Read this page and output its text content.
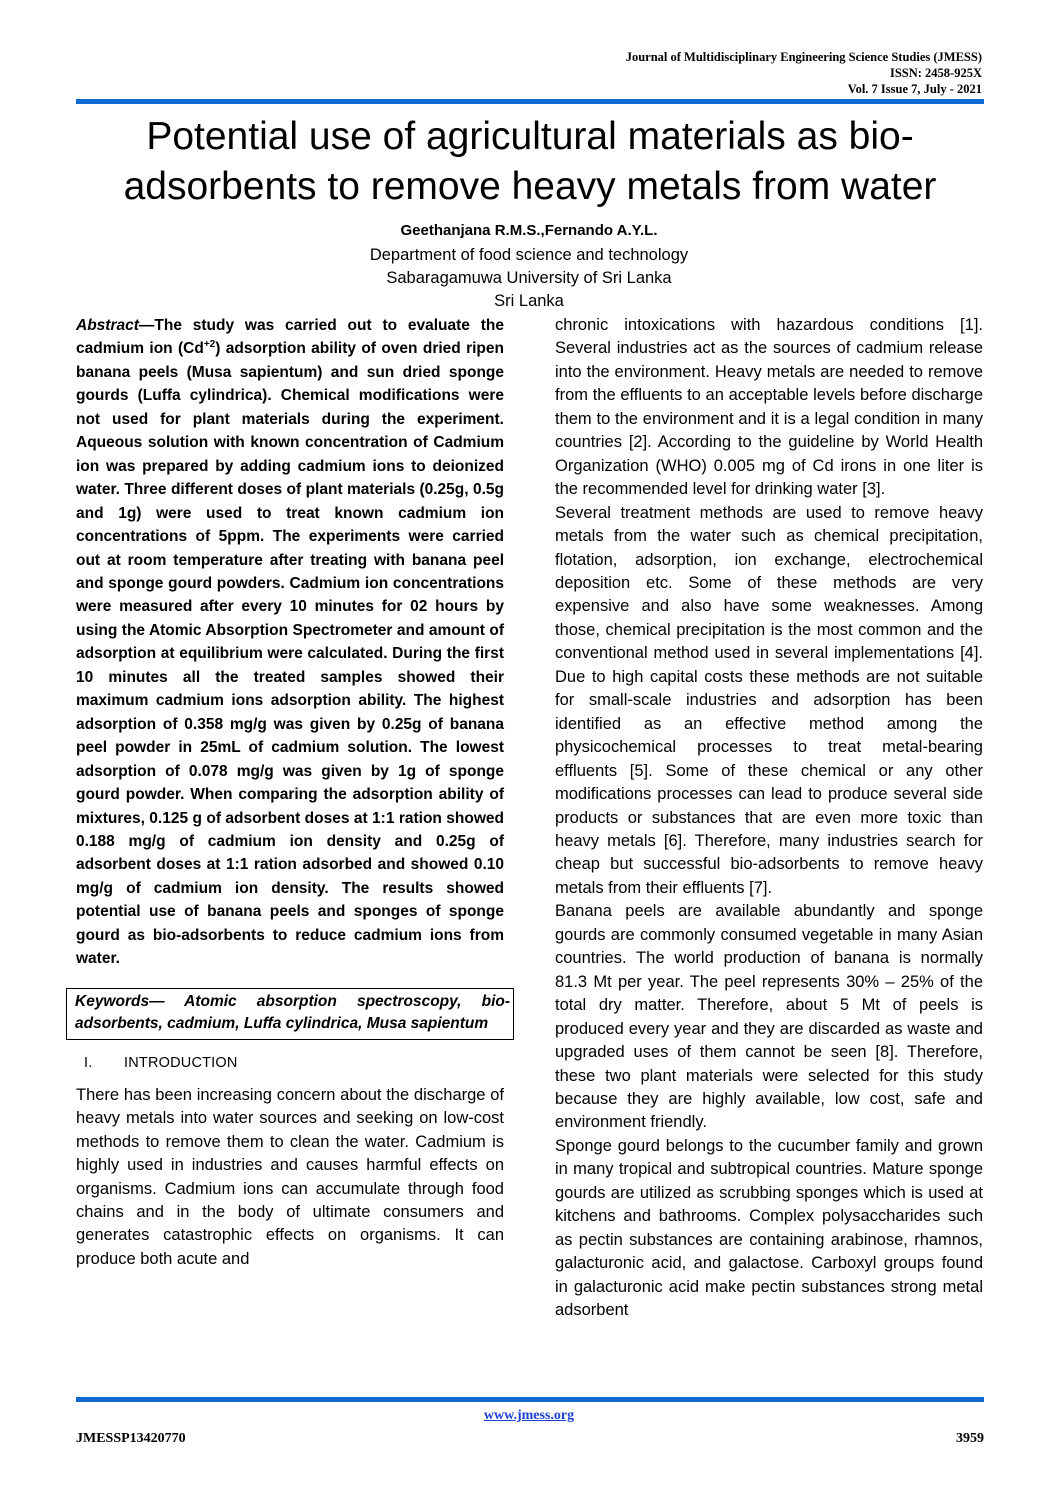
Journal of Multidisciplinary Engineering Science Studies (JMESS)
ISSN: 2458-925X
Vol. 7 Issue 7, July - 2021
Potential use of agricultural materials as bio-adsorbents to remove heavy metals from water
Geethanjana R.M.S.,Fernando A.Y.L.
Department of food science and technology
Sabaragamuwa University of Sri Lanka
Sri Lanka

Abstract—The study was carried out to evaluate the cadmium ion $(Cd^{+2})$ adsorption ability of oven dried ripen banana peels (Musa sapientum) and sun dried sponge gourds (Luffa cylindrica). Chemical modifications were not used for plant materials during the experiment. Aqueous solution with known concentration of Cadmium ion was prepared by adding cadmium ions to deionized water. Three different doses of plant materials (0.25g, 0.5g and 1g) were used to treat known cadmium ion concentrations of 5ppm. The experiments were carried out at room temperature after treating with banana peel and sponge gourd powders. Cadmium ion concentrations were measured after every 10 minutes for 02 hours by using the Atomic Absorption Spectrometer and amount of adsorption at equilibrium were calculated. During the first 10 minutes all the treated samples showed their maximum cadmium ions adsorption ability. The highest adsorption of 0.358 mg/g was given by 0.25g of banana peel powder in 25mL of cadmium solution. The lowest adsorption of 0.078 mg/g was given by 1g of sponge gourd powder. When comparing the adsorption ability of mixtures, 0.125 g of adsorbent doses at 1:1 ration showed 0.188 mg/g of cadmium ion density and 0.25g of adsorbent doses at 1:1 ration adsorbed and showed 0.10 mg/g of cadmium ion density. The results showed potential use of banana peels and sponges of sponge gourd as bio-adsorbents to reduce cadmium ions from water.

Keywords— Atomic absorption spectroscopy, bio-adsorbents, cadmium, Luffa cylindrica, Musa sapientum
I. INTRODUCTION
There has been increasing concern about the discharge of heavy metals into water sources and seeking on low-cost methods to remove them to clean the water. Cadmium is highly used in industries and causes harmful effects on organisms. Cadmium ions can accumulate through food chains and in the body of ultimate consumers and generates catastrophic effects on organisms. It can produce both acute and

chronic intoxications with hazardous conditions [1]. Several industries act as the sources of cadmium release into the environment. Heavy metals are needed to remove from the effluents to an acceptable levels before discharge them to the environment and it is a legal condition in many countries [2]. According to the guideline by World Health Organization (WHO) 0.005 mg of Cd irons in one liter is the recommended level for drinking water [3].

Several treatment methods are used to remove heavy metals from the water such as chemical precipitation, flotation, adsorption, ion exchange, electrochemical deposition etc. Some of these methods are very expensive and also have some weaknesses. Among those, chemical precipitation is the most common and the conventional method used in several implementations [4]. Due to high capital costs these methods are not suitable for small-scale industries and adsorption has been identified as an effective method among the physicochemical processes to treat metal-bearing effluents [5]. Some of these chemical or any other modifications processes can lead to produce several side products or substances that are even more toxic than heavy metals [6]. Therefore, many industries search for cheap but successful bio-adsorbents to remove heavy metals from their effluents [7].

Banana peels are available abundantly and sponge gourds are commonly consumed vegetable in many Asian countries. The world production of banana is normally 81.3 Mt per year. The peel represents 30% – 25% of the total dry matter. Therefore, about 5 Mt of peels is produced every year and they are discarded as waste and upgraded uses of them cannot be seen [8]. Therefore, these two plant materials were selected for this study because they are highly available, low cost, safe and environment friendly.

Sponge gourd belongs to the cucumber family and grown in many tropical and subtropical countries. Mature sponge gourds are utilized as scrubbing sponges which is used at kitchens and bathrooms. Complex polysaccharides such as pectin substances are containing arabinose, rhamnos, galacturonic acid, and galactose. Carboxyl groups found in galacturonic acid make pectin substances strong metal adsorbent

www.jmess.org
JMESSP13420770	3959
